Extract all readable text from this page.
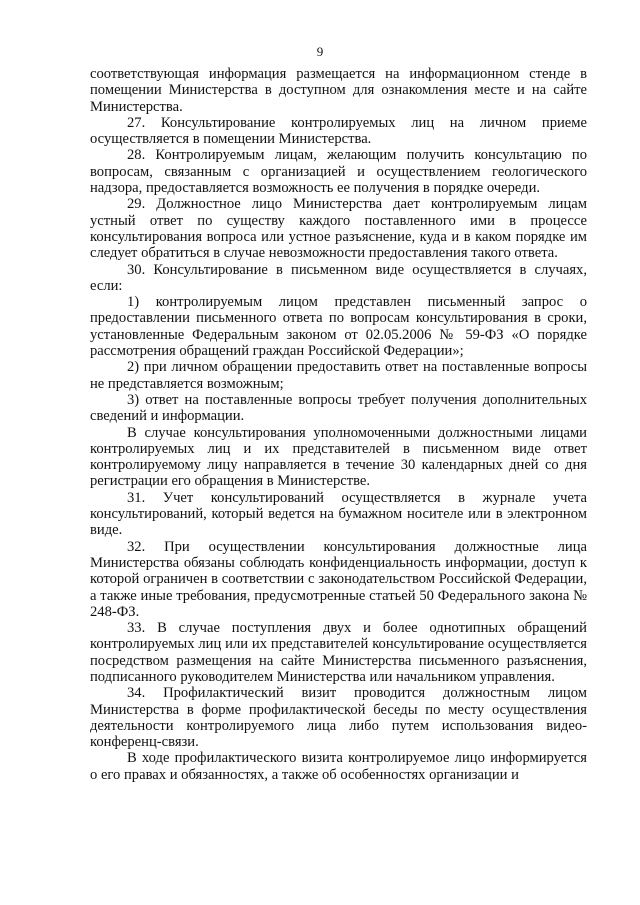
9

соответствующая информация размещается на информационном стенде в помещении Министерства в доступном для ознакомления месте и на сайте Министерства.

27. Консультирование контролируемых лиц на личном приеме осуществляется в помещении Министерства.

28. Контролируемым лицам, желающим получить консультацию по вопросам, связанным с организацией и осуществлением геологического надзора, предоставляется возможность ее получения в порядке очереди.

29. Должностное лицо Министерства дает контролируемым лицам устный ответ по существу каждого поставленного ими в процессе консультирования вопроса или устное разъяснение, куда и в каком порядке им следует обратиться в случае невозможности предоставления такого ответа.

30. Консультирование в письменном виде осуществляется в случаях, если:

1) контролируемым лицом представлен письменный запрос о предоставлении письменного ответа по вопросам консультирования в сроки, установленные Федеральным законом от 02.05.2006 № 59-ФЗ «О порядке рассмотрения обращений граждан Российской Федерации»;

2) при личном обращении предоставить ответ на поставленные вопросы не представляется возможным;

3) ответ на поставленные вопросы требует получения дополнительных сведений и информации.

В случае консультирования уполномоченными должностными лицами контролируемых лиц и их представителей в письменном виде ответ контролируемому лицу направляется в течение 30 календарных дней со дня регистрации его обращения в Министерстве.

31. Учет консультирований осуществляется в журнале учета консультирований, который ведется на бумажном носителе или в электронном виде.

32. При осуществлении консультирования должностные лица Министерства обязаны соблюдать конфиденциальность информации, доступ к которой ограничен в соответствии с законодательством Российской Федерации, а также иные требования, предусмотренные статьей 50 Федерального закона № 248-ФЗ.

33. В случае поступления двух и более однотипных обращений контролируемых лиц или их представителей консультирование осуществляется посредством размещения на сайте Министерства письменного разъяснения, подписанного руководителем Министерства или начальником управления.

34. Профилактический визит проводится должностным лицом Министерства в форме профилактической беседы по месту осуществления деятельности контролируемого лица либо путем использования видео-конференц-связи.

В ходе профилактического визита контролируемое лицо информируется о его правах и обязанностях, а также об особенностях организации и
